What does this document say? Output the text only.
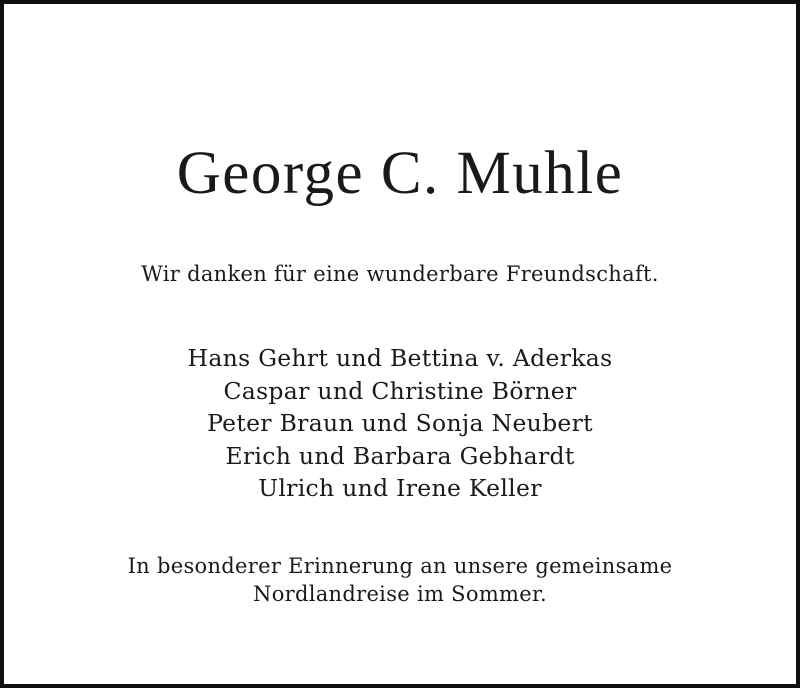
George C. Muhle

Wir danken für eine wunderbare Freundschaft.

Hans Gehrt und Bettina v. Aderkas
Caspar und Christine Börner
Peter Braun und Sonja Neubert
Erich und Barbara Gebhardt
Ulrich und Irene Keller

In besonderer Erinnerung an unsere gemeinsame
Nordlandreise im Sommer.
